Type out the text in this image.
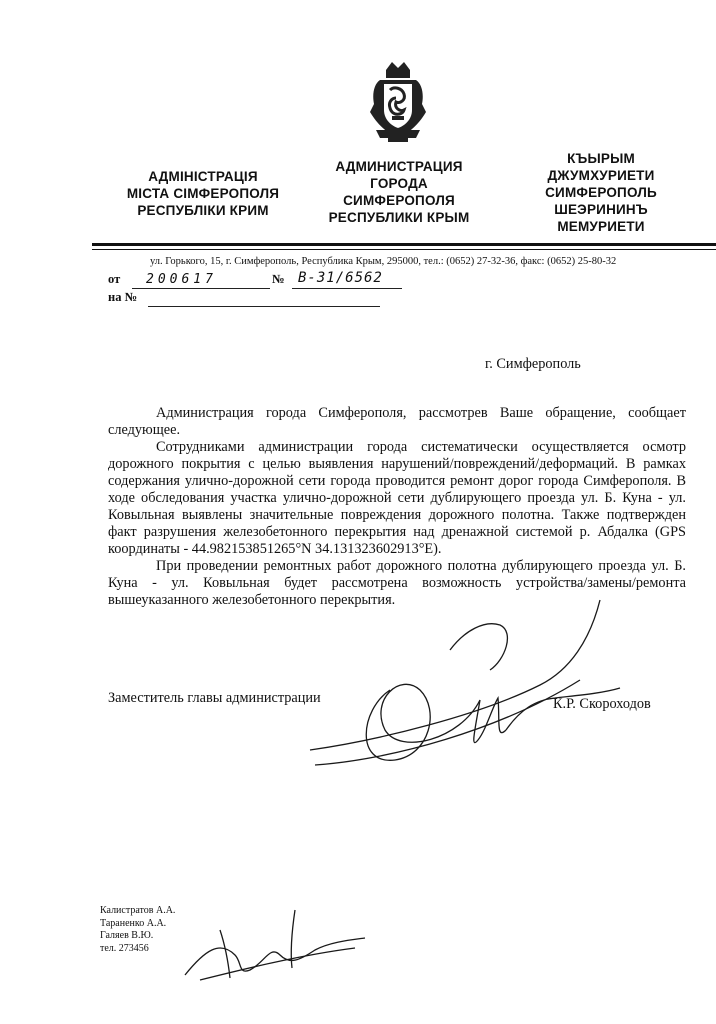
АДМІНІСТРАЦІЯ
МІСТА СІМФЕРОПОЛЯ
РЕСПУБЛІКИ КРИМ
АДМИНИСТРАЦИЯ
ГОРОДА
СИМФЕРОПОЛЯ
РЕСПУБЛИКИ КРЫМ
КЪЫРЫМ
ДЖУМХУРИЕТИ
СИМФЕРОПОЛЬ
ШЕЭРИНИНЪ
МЕМУРИЕТИ
ул. Горького, 15, г. Симферополь, Республика Крым, 295000, тел.: (0652) 27-32-36, факс: (0652) 25-80-32
от 200617	№ В-31/6562
на №
г. Симферополь

Администрация города Симферополя, рассмотрев Ваше обращение, сообщает следующее.

Сотрудниками администрации города систематически осуществляется осмотр дорожного покрытия с целью выявления нарушений/повреждений/деформаций. В рамках содержания улично-дорожной сети города проводится ремонт дорог города Симферополя. В ходе обследования участка улично-дорожной сети дублирующего проезда ул. Б. Куна - ул. Ковыльная выявлены значительные повреждения дорожного полотна. Также подтвержден факт разрушения железобетонного перекрытия над дренажной системой р. Абдалка (GPS координаты - 44.982153851265°N 34.131323602913°E).

При проведении ремонтных работ дорожного полотна дублирующего проезда ул. Б. Куна - ул. Ковыльная будет рассмотрена возможность устройства/замены/ремонта вышеуказанного железобетонного перекрытия.

Заместитель главы администрации	К.Р. Скороходов
Калистратов А.А.
Тараненко А.А.
Галяев В.Ю.
тел. 273456
